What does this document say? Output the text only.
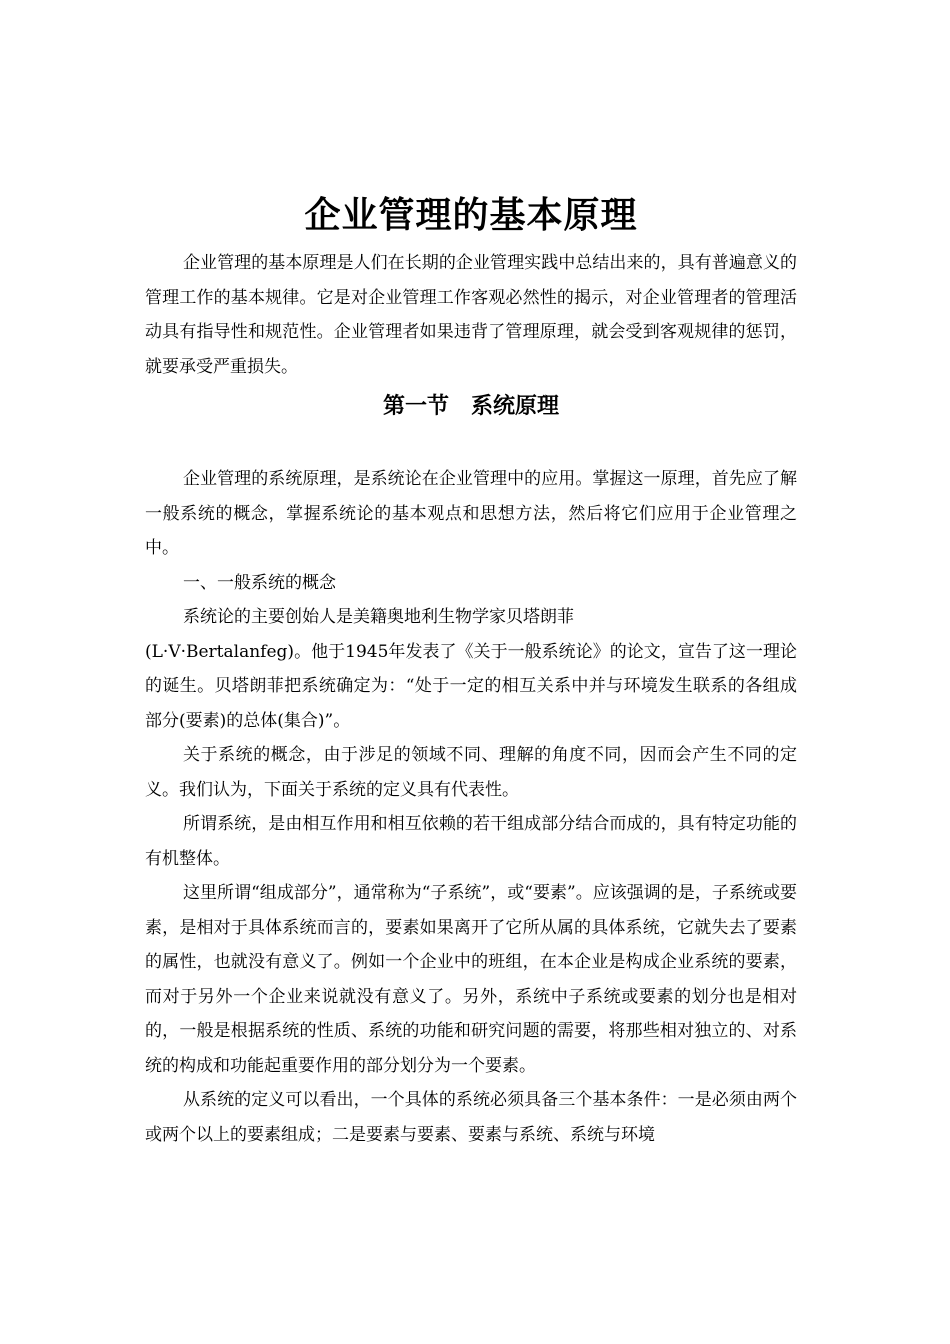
企业管理的基本原理

企业管理的基本原理是人们在长期的企业管理实践中总结出来的，具有普遍意义的管理工作的基本规律。它是对企业管理工作客观必然性的揭示，对企业管理者的管理活动具有指导性和规范性。企业管理者如果违背了管理原理，就会受到客观规律的惩罚，就要承受严重损失。

第一节　系统原理

企业管理的系统原理，是系统论在企业管理中的应用。掌握这一原理，首先应了解一般系统的概念，掌握系统论的基本观点和思想方法，然后将它们应用于企业管理之中。

一、一般系统的概念

系统论的主要创始人是美籍奥地利生物学家贝塔朗菲

(L·V·Bertalanfeg)。他于1945年发表了《关于一般系统论》的论文，宣告了这一理论的诞生。贝塔朗菲把系统确定为：“处于一定的相互关系中并与环境发生联系的各组成部分(要素)的总体(集合)”。

关于系统的概念，由于涉足的领域不同、理解的角度不同，因而会产生不同的定义。我们认为，下面关于系统的定义具有代表性。

所谓系统，是由相互作用和相互依赖的若干组成部分结合而成的，具有特定功能的有机整体。

这里所谓“组成部分”，通常称为“子系统”，或“要素”。应该强调的是，子系统或要素，是相对于具体系统而言的，要素如果离开了它所从属的具体系统，它就失去了要素的属性，也就没有意义了。例如一个企业中的班组，在本企业是构成企业系统的要素，而对于另外一个企业来说就没有意义了。另外，系统中子系统或要素的划分也是相对的，一般是根据系统的性质、系统的功能和研究问题的需要，将那些相对独立的、对系统的构成和功能起重要作用的部分划分为一个要素。

从系统的定义可以看出，一个具体的系统必须具备三个基本条件：一是必须由两个或两个以上的要素组成；二是要素与要素、要素与系统、系统与环境
